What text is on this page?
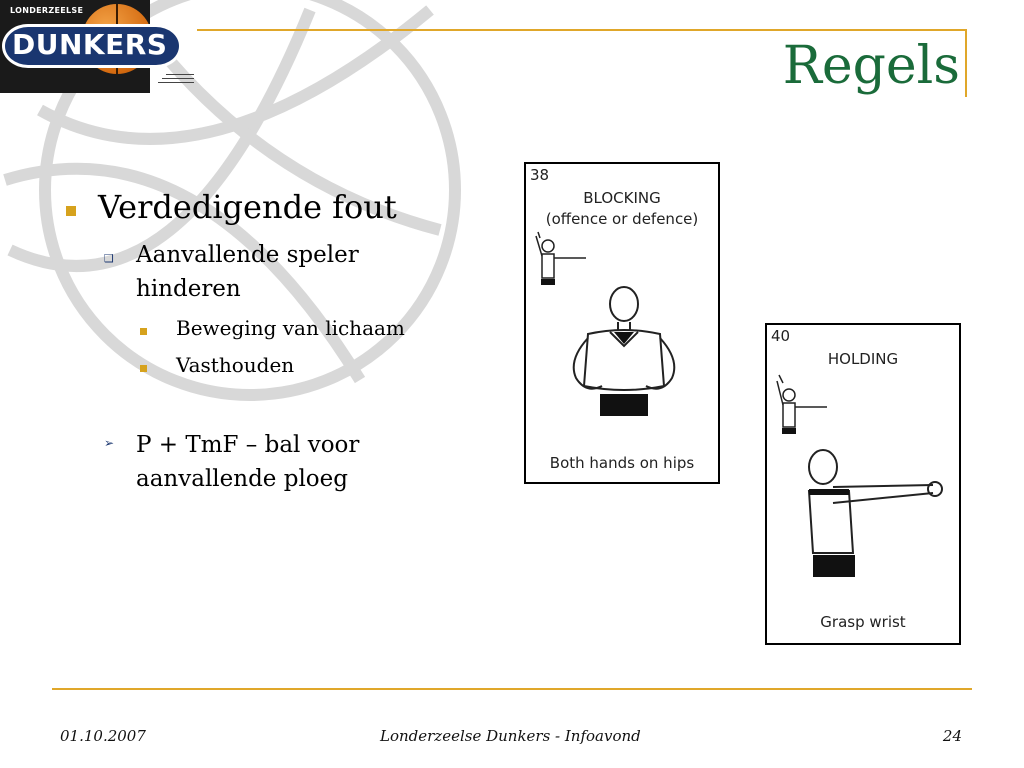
LONDERZEELSE
DUNKERS	Regels
Verdedigende fout
❑ Aanvallende speler hinderen
Beweging van lichaam
Vasthouden
➢ P + TmF – bal voor aanvallende ploeg
38
BLOCKING
(offence or defence)
Both hands on hips
40
HOLDING
Grasp wrist
01.10.2007	Londerzeelse Dunkers - Infoavond	24
